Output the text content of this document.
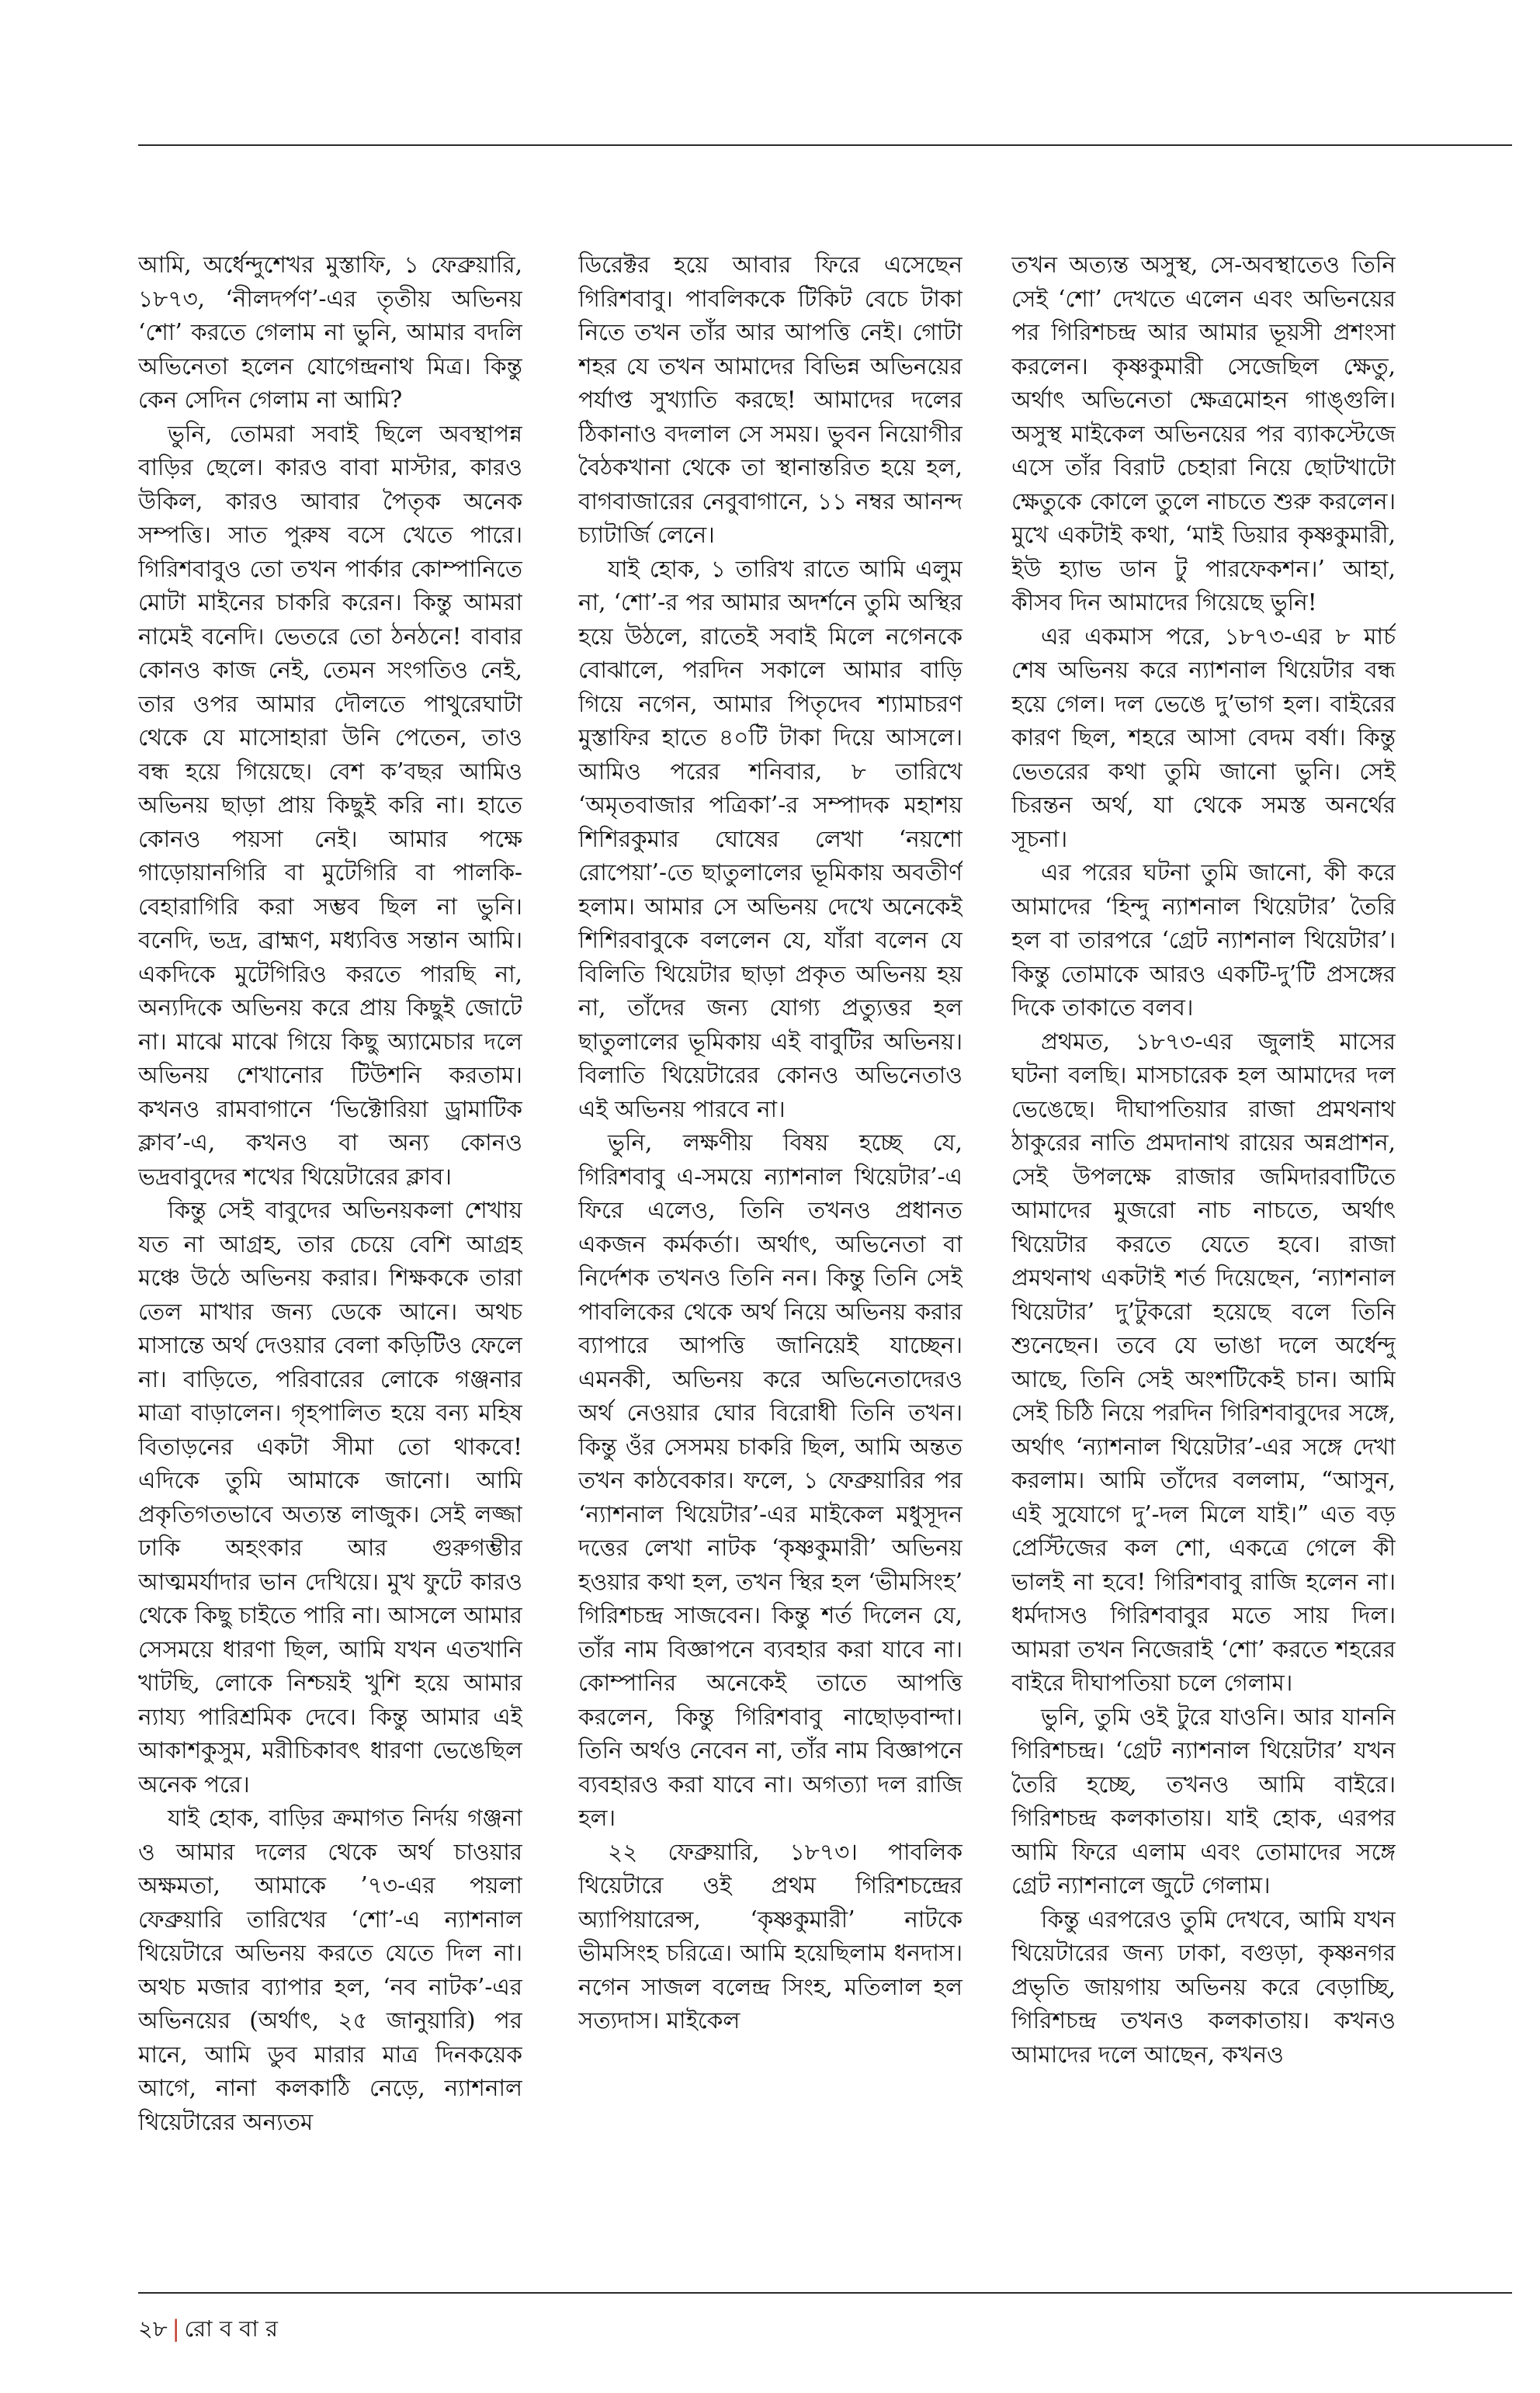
আমি, অর্ধেন্দুশেখর মুস্তাফি, ১ ফেব্রুয়ারি, ১৮৭৩, ‘নীলদর্পণ’-এর তৃতীয় অভিনয় ‘শো’ করতে গেলাম না ভুনি, আমার বদলি অভিনেতা হলেন যোগেন্দ্রনাথ মিত্র। কিন্তু কেন সেদিন গেলাম না আমি?

ভুনি, তোমরা সবাই ছিলে অবস্থাপন্ন বাড়ির ছেলে। কারও বাবা মাস্টার, কারও উকিল, কারও আবার পৈতৃক অনেক সম্পত্তি। সাত পুরুষ বসে খেতে পারে। গিরিশবাবুও তো তখন পার্কার কোম্পানিতে মোটা মাইনের চাকরি করেন। কিন্তু আমরা নামেই বনেদি। ভেতরে তো ঠনঠনে! বাবার কোনও কাজ নেই, তেমন সংগতিও নেই, তার ওপর আমার দৌলতে পাথুরেঘাটা থেকে যে মাসোহারা উনি পেতেন, তাও বন্ধ হয়ে গিয়েছে। বেশ ক’বছর আমিও অভিনয় ছাড়া প্রায় কিছুই করি না। হাতে কোনও পয়সা নেই। আমার পক্ষে গাড়োয়ানগিরি বা মুটেগিরি বা পালকি-বেহারাগিরি করা সম্ভব ছিল না ভুনি। বনেদি, ভদ্র, ব্রাহ্মণ, মধ্যবিত্ত সন্তান আমি। একদিকে মুটেগিরিও করতে পারছি না, অন্যদিকে অভিনয় করে প্রায় কিছুই জোটে না। মাঝে মাঝে গিয়ে কিছু অ্যামেচার দলে অভিনয় শেখানোর টিউশনি করতাম। কখনও রামবাগানে ‘ভিক্টোরিয়া ড্রামাটিক ক্লাব’-এ, কখনও বা অন্য কোনও ভদ্রবাবুদের শখের থিয়েটারের ক্লাব।

কিন্তু সেই বাবুদের অভিনয়কলা শেখায় যত না আগ্রহ, তার চেয়ে বেশি আগ্রহ মঞ্চে উঠে অভিনয় করার। শিক্ষককে তারা তেল মাখার জন্য ডেকে আনে। অথচ মাসান্তে অর্থ দেওয়ার বেলা কড়িটিও ফেলে না। বাড়িতে, পরিবারের লোকে গঞ্জনার মাত্রা বাড়ালেন। গৃহপালিত হয়ে বন্য মহিষ বিতাড়নের একটা সীমা তো থাকবে! এদিকে তুমি আমাকে জানো। আমি প্রকৃতিগতভাবে অত্যন্ত লাজুক। সেই লজ্জা ঢাকি অহংকার আর গুরুগম্ভীর আত্মমর্যাদার ভান দেখিয়ে। মুখ ফুটে কারও থেকে কিছু চাইতে পারি না। আসলে আমার সেসময়ে ধারণা ছিল, আমি যখন এতখানি খাটছি, লোকে নিশ্চয়ই খুশি হয়ে আমার ন্যায্য পারিশ্রমিক দেবে। কিন্তু আমার এই আকাশকুসুম, মরীচিকাবৎ ধারণা ভেঙেছিল অনেক পরে।

যাই হোক, বাড়ির ক্রমাগত নির্দয় গঞ্জনা ও আমার দলের থেকে অর্থ চাওয়ার অক্ষমতা, আমাকে ’৭৩-এর পয়লা ফেব্রুয়ারি তারিখের ‘শো’-এ ন্যাশনাল থিয়েটারে অভিনয় করতে যেতে দিল না। অথচ মজার ব্যাপার হল, ‘নব নাটক’-এর অভিনয়ের (অর্থাৎ, ২৫ জানুয়ারি) পর মানে, আমি ডুব মারার মাত্র দিনকয়েক আগে, নানা কলকাঠি নেড়ে, ন্যাশনাল থিয়েটারের অন্যতম

ডিরেক্টর হয়ে আবার ফিরে এসেছেন গিরিশবাবু। পাবলিককে টিকিট বেচে টাকা নিতে তখন তাঁর আর আপত্তি নেই। গোটা শহর যে তখন আমাদের বিভিন্ন অভিনয়ের পর্যাপ্ত সুখ্যাতি করছে! আমাদের দলের ঠিকানাও বদলাল সে সময়। ভুবন নিয়োগীর বৈঠকখানা থেকে তা স্থানান্তরিত হয়ে হল, বাগবাজারের নেবুবাগানে, ১১ নম্বর আনন্দ চ্যাটার্জি লেনে।

যাই হোক, ১ তারিখ রাতে আমি এলুম না, ‘শো’-র পর আমার অদর্শনে তুমি অস্থির হয়ে উঠলে, রাতেই সবাই মিলে নগেনকে বোঝালে, পরদিন সকালে আমার বাড়ি গিয়ে নগেন, আমার পিতৃদেব শ্যামাচরণ মুস্তাফির হাতে ৪০টি টাকা দিয়ে আসলে। আমিও পরের শনিবার, ৮ তারিখে ‘অমৃতবাজার পত্রিকা’-র সম্পাদক মহাশয় শিশিরকুমার ঘোষের লেখা ‘নয়শো রোপেয়া’-তে ছাতুলালের ভূমিকায় অবতীর্ণ হলাম। আমার সে অভিনয় দেখে অনেকেই শিশিরবাবুকে বললেন যে, যাঁরা বলেন যে বিলিতি থিয়েটার ছাড়া প্রকৃত অভিনয় হয় না, তাঁদের জন্য যোগ্য প্রত্যুত্তর হল ছাতুলালের ভূমিকায় এই বাবুটির অভিনয়। বিলাতি থিয়েটারের কোনও অভিনেতাও এই অভিনয় পারবে না।

ভুনি, লক্ষণীয় বিষয় হচ্ছে যে, গিরিশবাবু এ-সময়ে ন্যাশনাল থিয়েটার’-এ ফিরে এলেও, তিনি তখনও প্রধানত একজন কর্মকর্তা। অর্থাৎ, অভিনেতা বা নির্দেশক তখনও তিনি নন। কিন্তু তিনি সেই পাবলিকের থেকে অর্থ নিয়ে অভিনয় করার ব্যাপারে আপত্তি জানিয়েই যাচ্ছেন। এমনকী, অভিনয় করে অভিনেতাদেরও অর্থ নেওয়ার ঘোর বিরোধী তিনি তখন। কিন্তু ওঁর সেসময় চাকরি ছিল, আমি অন্তত তখন কাঠবেকার। ফলে, ১ ফেব্রুয়ারির পর ‘ন্যাশনাল থিয়েটার’-এর মাইকেল মধুসূদন দত্তের লেখা নাটক ‘কৃষ্ণকুমারী’ অভিনয় হওয়ার কথা হল, তখন স্থির হল ‘ভীমসিংহ’ গিরিশচন্দ্র সাজবেন। কিন্তু শর্ত দিলেন যে, তাঁর নাম বিজ্ঞাপনে ব্যবহার করা যাবে না। কোম্পানির অনেকেই তাতে আপত্তি করলেন, কিন্তু গিরিশবাবু নাছোড়বান্দা। তিনি অর্থও নেবেন না, তাঁর নাম বিজ্ঞাপনে ব্যবহারও করা যাবে না। অগত্যা দল রাজি হল।

২২ ফেব্রুয়ারি, ১৮৭৩। পাবলিক থিয়েটারে ওই প্রথম গিরিশচন্দ্রের অ্যাপিয়ারেন্স, ‘কৃষ্ণকুমারী’ নাটকে ভীমসিংহ চরিত্রে। আমি হয়েছিলাম ধনদাস। নগেন সাজল বলেন্দ্র সিংহ, মতিলাল হল সত্যদাস। মাইকেল

তখন অত্যন্ত অসুস্থ, সে-অবস্থাতেও তিনি সেই ‘শো’ দেখতে এলেন এবং অভিনয়ের পর গিরিশচন্দ্র আর আমার ভূয়সী প্রশংসা করলেন। কৃষ্ণকুমারী সেজেছিল ক্ষেতু, অর্থাৎ অভিনেতা ক্ষেত্রমোহন গাঙ্গুলি। অসুস্থ মাইকেল অভিনয়ের পর ব্যাকস্টেজে এসে তাঁর বিরাট চেহারা নিয়ে ছোটখাটো ক্ষেতুকে কোলে তুলে নাচতে শুরু করলেন। মুখে একটাই কথা, ‘মাই ডিয়ার কৃষ্ণকুমারী, ইউ হ্যাভ ডান টু পারফেকশন।’ আহা, কীসব দিন আমাদের গিয়েছে ভুনি!

এর একমাস পরে, ১৮৭৩-এর ৮ মার্চ শেষ অভিনয় করে ন্যাশনাল থিয়েটার বন্ধ হয়ে গেল। দল ভেঙে দু’ভাগ হল। বাইরের কারণ ছিল, শহরে আসা বেদম বর্ষা। কিন্তু ভেতরের কথা তুমি জানো ভুনি। সেই চিরন্তন অর্থ, যা থেকে সমস্ত অনর্থের সূচনা।

এর পরের ঘটনা তুমি জানো, কী করে আমাদের ‘হিন্দু ন্যাশনাল থিয়েটার’ তৈরি হল বা তারপরে ‘গ্রেট ন্যাশনাল থিয়েটার’। কিন্তু তোমাকে আরও একটি-দু’টি প্রসঙ্গের দিকে তাকাতে বলব।

প্রথমত, ১৮৭৩-এর জুলাই মাসের ঘটনা বলছি। মাসচারেক হল আমাদের দল ভেঙেছে। দীঘাপতিয়ার রাজা প্রমথনাথ ঠাকুরের নাতি প্রমদানাথ রায়ের অন্নপ্রাশন, সেই উপলক্ষে রাজার জমিদারবাটিতে আমাদের মুজরো নাচ নাচতে, অর্থাৎ থিয়েটার করতে যেতে হবে। রাজা প্রমথনাথ একটাই শর্ত দিয়েছেন, ‘ন্যাশনাল থিয়েটার’ দু’টুকরো হয়েছে বলে তিনি শুনেছেন। তবে যে ভাঙা দলে অর্ধেন্দু আছে, তিনি সেই অংশটিকেই চান। আমি সেই চিঠি নিয়ে পরদিন গিরিশবাবুদের সঙ্গে, অর্থাৎ ‘ন্যাশনাল থিয়েটার’-এর সঙ্গে দেখা করলাম। আমি তাঁদের বললাম, “আসুন, এই সুযোগে দু’-দল মিলে যাই।” এত বড় প্রেস্টিজের কল শো, একত্রে গেলে কী ভালই না হবে! গিরিশবাবু রাজি হলেন না। ধর্মদাসও গিরিশবাবুর মতে সায় দিল। আমরা তখন নিজেরাই ‘শো’ করতে শহরের বাইরে দীঘাপতিয়া চলে গেলাম।

ভুনি, তুমি ওই টুরে যাওনি। আর যাননি গিরিশচন্দ্র। ‘গ্রেট ন্যাশনাল থিয়েটার’ যখন তৈরি হচ্ছে, তখনও আমি বাইরে। গিরিশচন্দ্র কলকাতায়। যাই হোক, এরপর আমি ফিরে এলাম এবং তোমাদের সঙ্গে গ্রেট ন্যাশনালে জুটে গেলাম।

কিন্তু এরপরেও তুমি দেখবে, আমি যখন থিয়েটারের জন্য ঢাকা, বগুড়া, কৃষ্ণনগর প্রভৃতি জায়গায় অভিনয় করে বেড়াচ্ছি, গিরিশচন্দ্র তখনও কলকাতায়। কখনও আমাদের দলে আছেন, কখনও

২৮ | রো ব বা র
